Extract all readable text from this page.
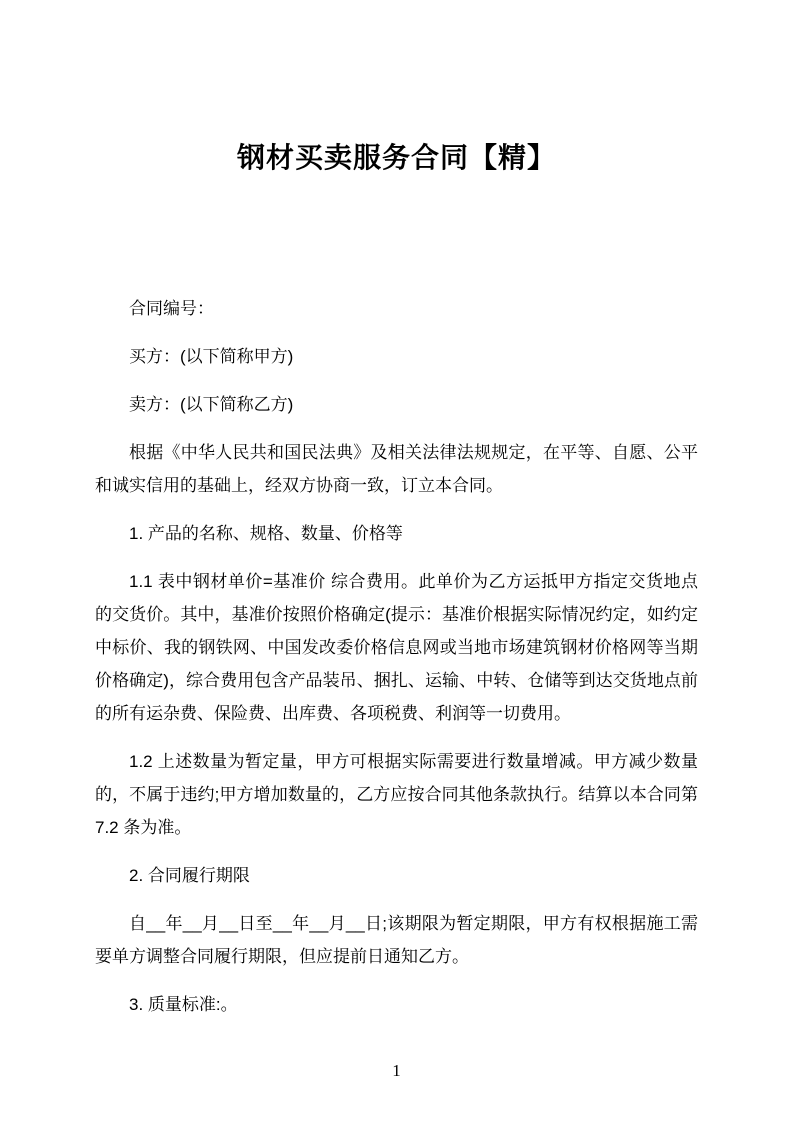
钢材买卖服务合同【精】

合同编号：

买方：(以下简称甲方)

卖方：(以下简称乙方)

根据《中华人民共和国民法典》及相关法律法规规定，在平等、自愿、公平和诚实信用的基础上，经双方协商一致，订立本合同。

1. 产品的名称、规格、数量、价格等

1.1 表中钢材单价=基准价 综合费用。此单价为乙方运抵甲方指定交货地点的交货价。其中，基准价按照价格确定(提示：基准价根据实际情况约定，如约定中标价、我的钢铁网、中国发改委价格信息网或当地市场建筑钢材价格网等当期价格确定)，综合费用包含产品装吊、捆扎、运输、中转、仓储等到达交货地点前的所有运杂费、保险费、出库费、各项税费、利润等一切费用。

1.2 上述数量为暂定量，甲方可根据实际需要进行数量增减。甲方减少数量的，不属于违约;甲方增加数量的，乙方应按合同其他条款执行。结算以本合同第 7.2 条为准。

2. 合同履行期限

自__年__月__日至__年__月__日;该期限为暂定期限，甲方有权根据施工需要单方调整合同履行期限，但应提前日通知乙方。

3. 质量标准:。

1
